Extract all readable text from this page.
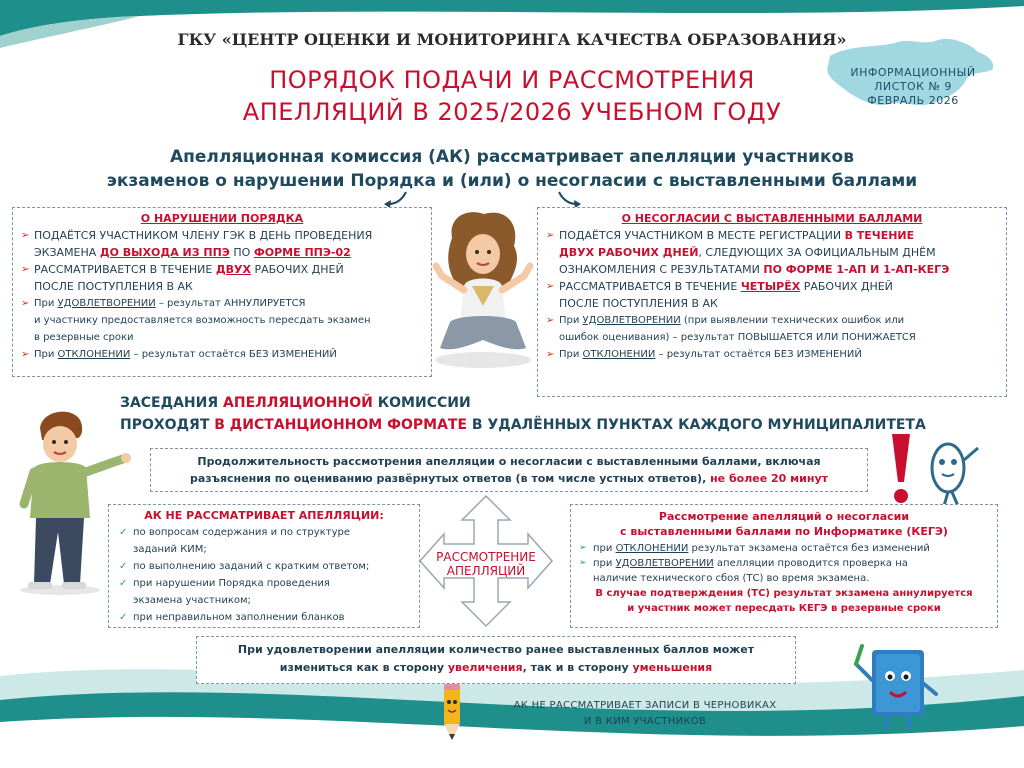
ГКУ «ЦЕНТР ОЦЕНКИ И МОНИТОРИНГА КАЧЕСТВА ОБРАЗОВАНИЯ»
ПОРЯДОК ПОДАЧИ И РАССМОТРЕНИЯ
АПЕЛЛЯЦИЙ В 2025/2026 УЧЕБНОМ ГОДУ
ИНФОРМАЦИОННЫЙ
ЛИСТОК № 9
ФЕВРАЛЬ 2026
Апелляционная комиссия (АК) рассматривает апелляции участников
экзаменов о нарушении Порядка и (или) о несогласии с выставленными баллами
О НАРУШЕНИИ ПОРЯДКА
➢ ПОДАЁТСЯ УЧАСТНИКОМ ЧЛЕНУ ГЭК В ДЕНЬ ПРОВЕДЕНИЯ
ЭКЗАМЕНА ДО ВЫХОДА ИЗ ППЭ ПО ФОРМЕ ППЭ-02
➢ РАССМАТРИВАЕТСЯ В ТЕЧЕНИЕ ДВУХ РАБОЧИХ ДНЕЙ
ПОСЛЕ ПОСТУПЛЕНИЯ В АК
➢ При УДОВЛЕТВОРЕНИИ – результат АННУЛИРУЕТСЯ
и участнику предоставляется возможность пересдать экзамен
в резервные сроки
➢ При ОТКЛОНЕНИИ – результат остаётся БЕЗ ИЗМЕНЕНИЙ
О НЕСОГЛАСИИ С ВЫСТАВЛЕННЫМИ БАЛЛАМИ
➢ ПОДАЁТСЯ УЧАСТНИКОМ В МЕСТЕ РЕГИСТРАЦИИ В ТЕЧЕНИЕ
ДВУХ РАБОЧИХ ДНЕЙ, СЛЕДУЮЩИХ ЗА ОФИЦИАЛЬНЫМ ДНЁМ
ОЗНАКОМЛЕНИЯ С РЕЗУЛЬТАТАМИ ПО ФОРМЕ 1-АП И 1-АП-КЕГЭ
➢ РАССМАТРИВАЕТСЯ В ТЕЧЕНИЕ ЧЕТЫРЁХ РАБОЧИХ ДНЕЙ
ПОСЛЕ ПОСТУПЛЕНИЯ В АК
➢ При УДОВЛЕТВОРЕНИИ (при выявлении технических ошибок или
ошибок оценивания) – результат ПОВЫШАЕТСЯ ИЛИ ПОНИЖАЕТСЯ
➢ При ОТКЛОНЕНИИ – результат остаётся БЕЗ ИЗМЕНЕНИЙ
ЗАСЕДАНИЯ АПЕЛЛЯЦИОННОЙ КОМИССИИ
ПРОХОДЯТ В ДИСТАНЦИОННОМ ФОРМАТЕ В УДАЛЁННЫХ ПУНКТАХ КАЖДОГО МУНИЦИПАЛИТЕТА
Продолжительность рассмотрения апелляции о несогласии с выставленными баллами, включая
разъяснения по оцениванию развёрнутых ответов (в том числе устных ответов), не более 20 минут
АК НЕ РАССМАТРИВАЕТ АПЕЛЛЯЦИИ:
✓ по вопросам содержания и по структуре
заданий КИМ;
✓ по выполнению заданий с кратким ответом;
✓ при нарушении Порядка проведения
экзамена участником;
✓ при неправильном заполнении бланков
РАССМОТРЕНИЕ
АПЕЛЛЯЦИЙ
Рассмотрение апелляций о несогласии
с выставленными баллами по Информатике (КЕГЭ)
➢ при ОТКЛОНЕНИИ результат экзамена остаётся без изменений
➢ при УДОВЛЕТВОРЕНИИ апелляции проводится проверка на
наличие технического сбоя (ТС) во время экзамена.
В случае подтверждения (ТС) результат экзамена аннулируется
и участник может пересдать КЕГЭ в резервные сроки
При удовлетворении апелляции количество ранее выставленных баллов может
измениться как в сторону увеличения, так и в сторону уменьшения
АК НЕ РАССМАТРИВАЕТ ЗАПИСИ В ЧЕРНОВИКАХ
И В КИМ УЧАСТНИКОВ
